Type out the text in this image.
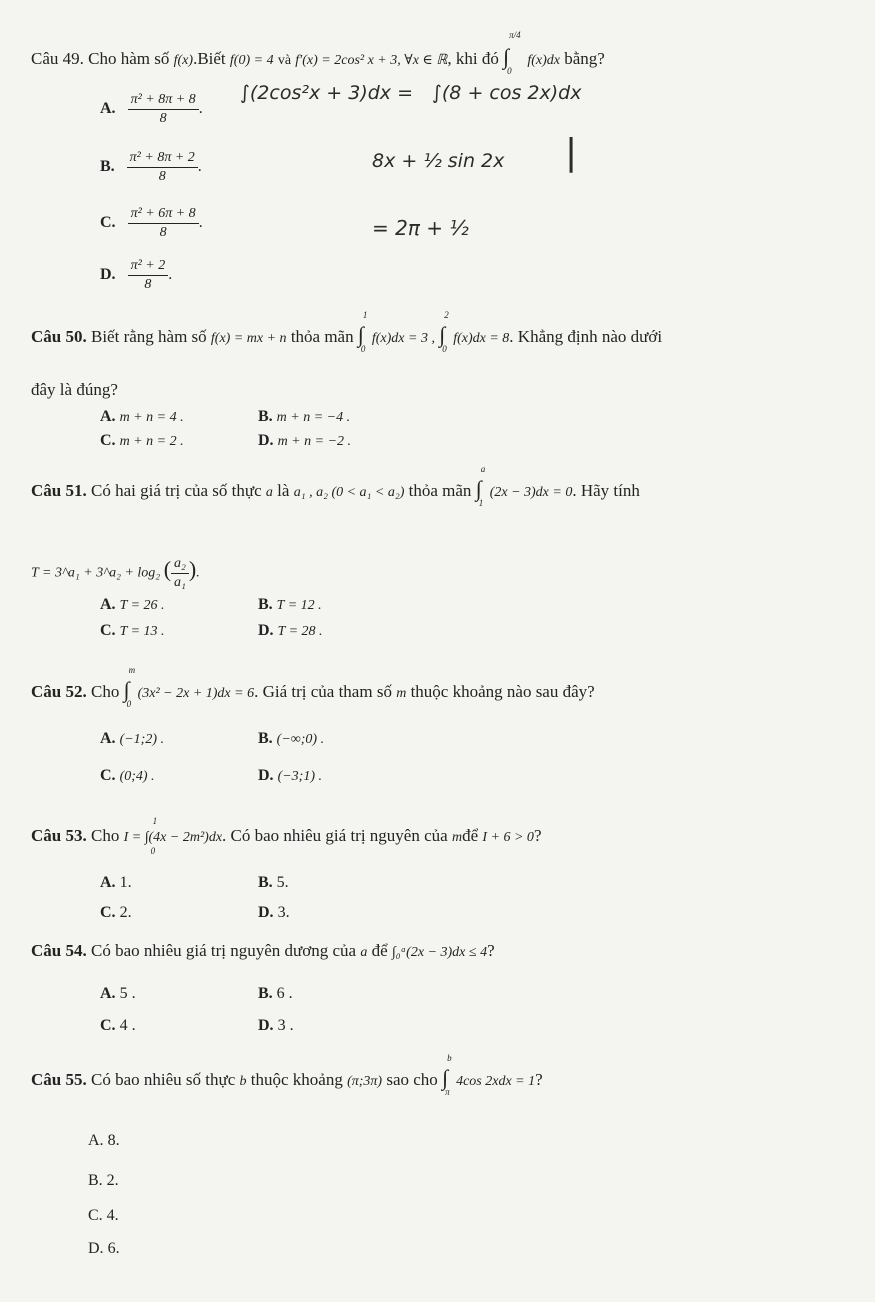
Câu 49. Cho hàm số f(x).Biết f(0) = 4 và f′(x) = 2cos² x + 3, ∀x ∈ ℝ, khi đó ∫
π/4
0
f(x)dx bằng?
A. $\frac{\text{π² + 8π + 8}}{8}$ .
B. $\frac{\text{π² + 8π + 2}}{8}$ .
C. $\frac{\text{π² + 6π + 8}}{8}$ .
D. $\frac{\text{π² + 2}}{8}$ .
∫(2cos²x + 3)dx = ∫(8 + cos 2x)dx
8x + ½ sin 2x |
= 2π + ½
Câu 50. Biết rằng hàm số f(x) = mx + n thỏa mãn ∫
1
0
f(x)dx = 3 , ∫
2
0
f(x)dx = 8. Khẳng định nào dưới
đây là đúng?
A. m + n = 4 .	B. m + n = −4 .
C. m + n = 2 .	D. m + n = −2 .
Câu 51. Có hai giá trị của số thực a là a₁ , a₂ (0 < a₁ < a₂) thỏa mãn ∫
a
1
(2x − 3)dx = 0. Hãy tính
T = 3^a₁ + 3^a₂ + log₂ ( $\frac{\text{a₂}}{\text{a₁}}$ ).
A. T = 26 .	B. T = 12 .
C. T = 13 .	D. T = 28 .
Câu 52. Cho ∫
m
0
(3x² − 2x + 1)dx = 6. Giá trị của tham số m thuộc khoảng nào sau đây?
A. (−1;2) .	B. (−∞;0) .
C. (0;4) .	D. (−3;1) .
Câu 53. Cho I = ∫(4x − 2m²)dx
1
0
. Có bao nhiêu giá trị nguyên của mđể I + 6 > 0?
A. 1.	B. 5.
C. 2.	D. 3.
Câu 54. Có bao nhiêu giá trị nguyên dương của a để ∫₀ᵃ(2x − 3)dx ≤ 4?
A. 5 .	B. 6 .
C. 4 .	D. 3 .
Câu 55. Có bao nhiêu số thực b thuộc khoảng (π;3π) sao cho ∫
b
π
4cos 2xdx = 1?
A. 8.
B. 2.
C. 4.
D. 6.
